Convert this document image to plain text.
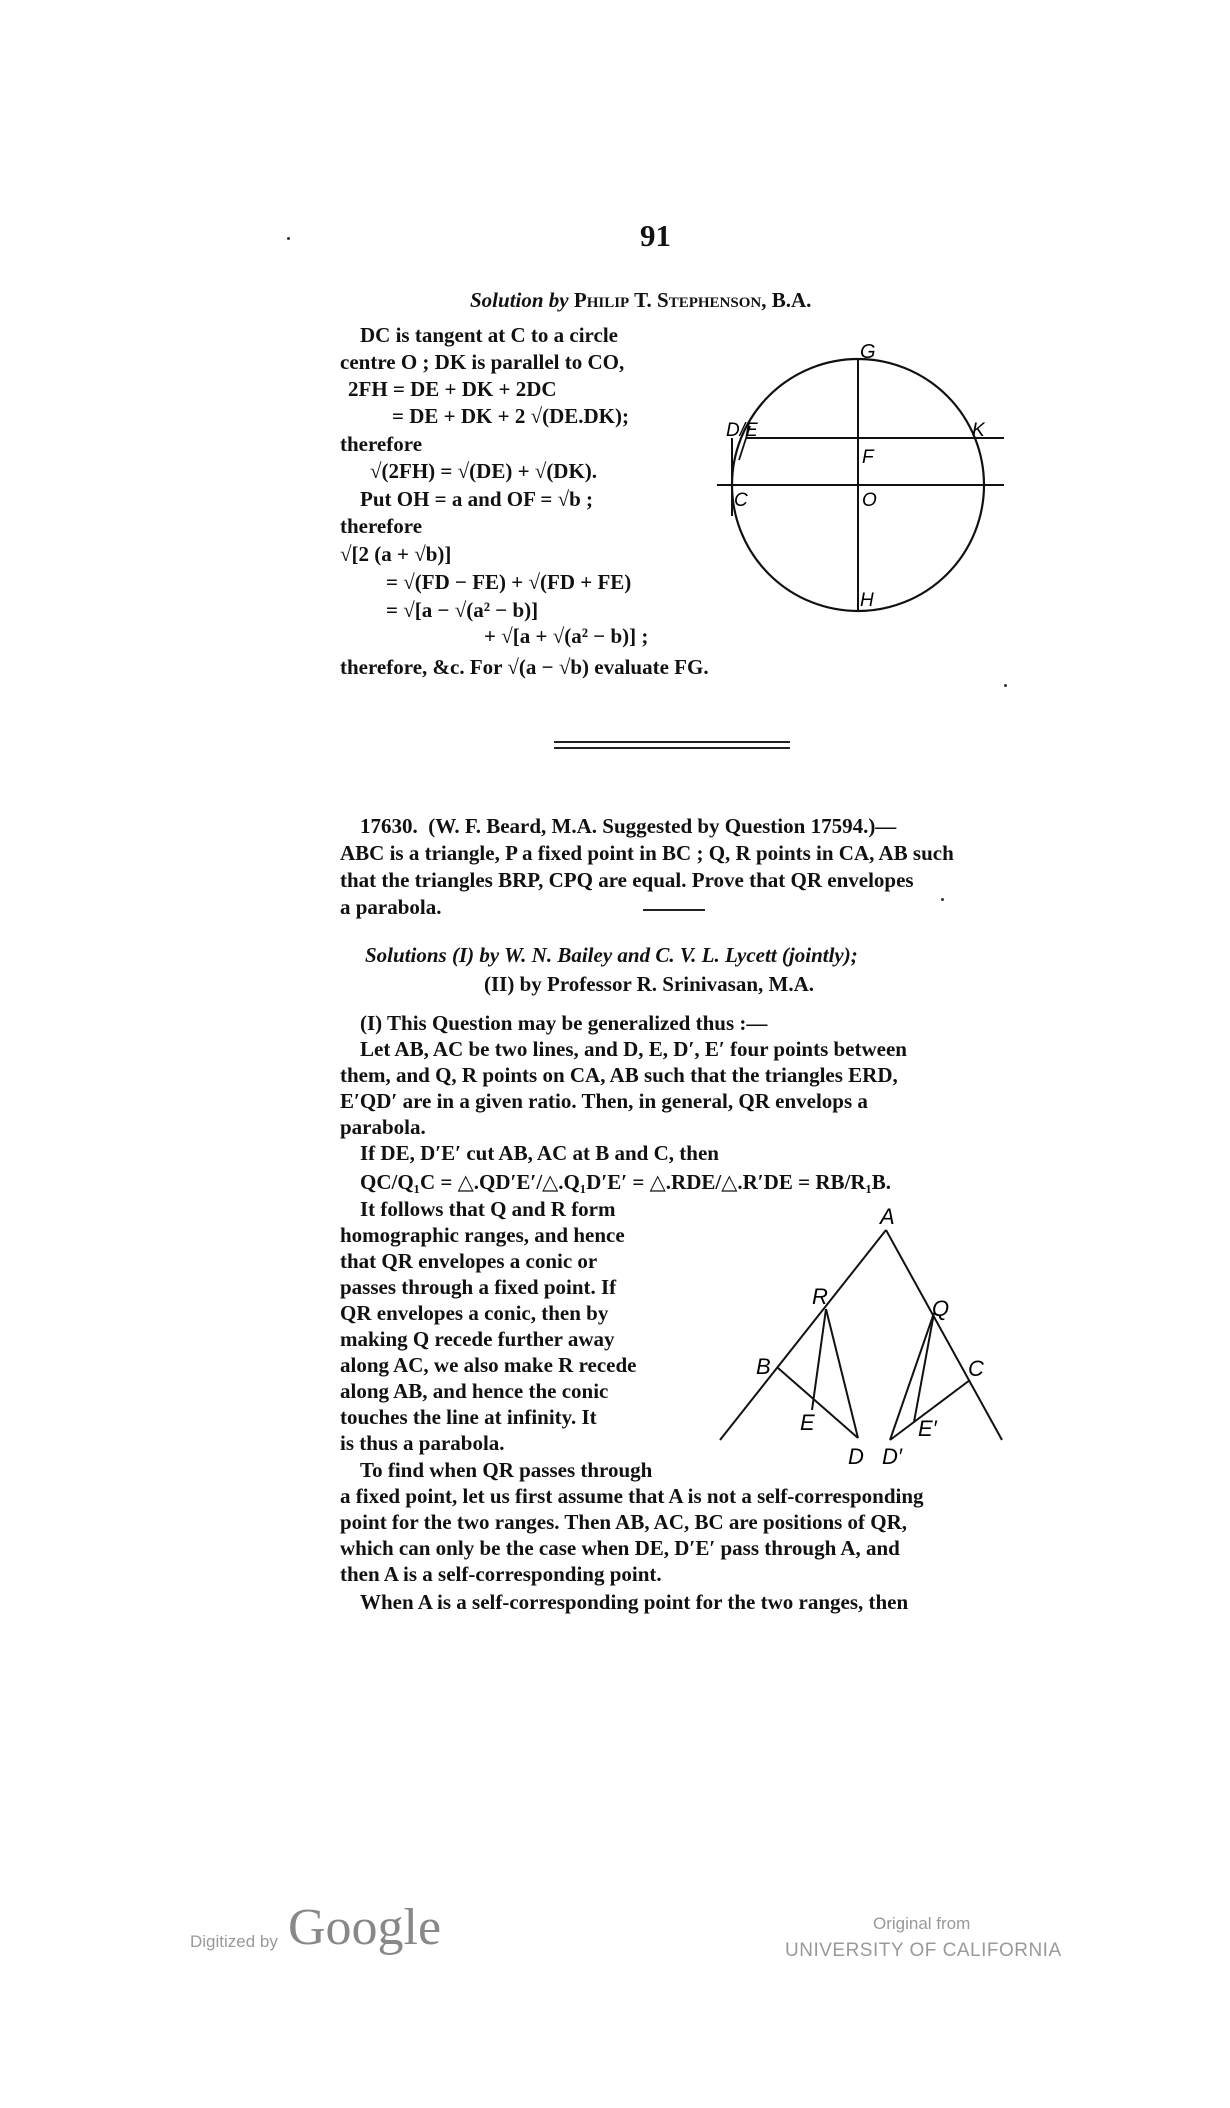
91
Solution by Philip T. Stephenson, B.A.
DC is tangent at C to a circle
centre O ; DK is parallel to CO,
2FH = DE + DK + 2DC
= DE + DK + 2 √(DE.DK);
therefore
√(2FH) = √(DE) + √(DK).
Put OH = a and OF = √b ;
therefore
√[2 (a + √b)]
= √(FD − FE) + √(FD + FE)
= √[a − √(a² − b)]
+ √[a + √(a² − b)] ;
therefore, &c. For √(a − √b) evaluate FG.
G
D/E	K
F
C	O
H
17630. (W. F. Beard, M.A. Suggested by Question 17594.)—
ABC is a triangle, P a fixed point in BC ; Q, R points in CA, AB such
that the triangles BRP, CPQ are equal. Prove that QR envelopes
a parabola.
Solutions (I) by W. N. Bailey and C. V. L. Lycett (jointly);
(II) by Professor R. Srinivasan, M.A.
(I) This Question may be generalized thus :—
Let AB, AC be two lines, and D, E, D′, E′ four points between
them, and Q, R points on CA, AB such that the triangles ERD,
E′QD′ are in a given ratio. Then, in general, QR envelops a
parabola.
If DE, D′E′ cut AB, AC at B and C, then
QC/Q₁C = △.QD′E′/△.Q₁D′E′ = △.RDE/△.R′DE = RB/R₁B.
It follows that Q and R form
homographic ranges, and hence
that QR envelopes a conic or
passes through a fixed point. If
QR envelopes a conic, then by
making Q recede further away
along AC, we also make R recede
along AB, and hence the conic
touches the line at infinity. It
is thus a parabola.
To find when QR passes through
a fixed point, let us first assume that A is not a self-corresponding
point for the two ranges. Then AB, AC, BC are positions of QR,
which can only be the case when DE, D′E′ pass through A, and
then A is a self-corresponding point.
When A is a self-corresponding point for the two ranges, then
A
R	Q
B	C
E	E′
D D′
Digitized by Google	Original from
UNIVERSITY OF CALIFORNIA
